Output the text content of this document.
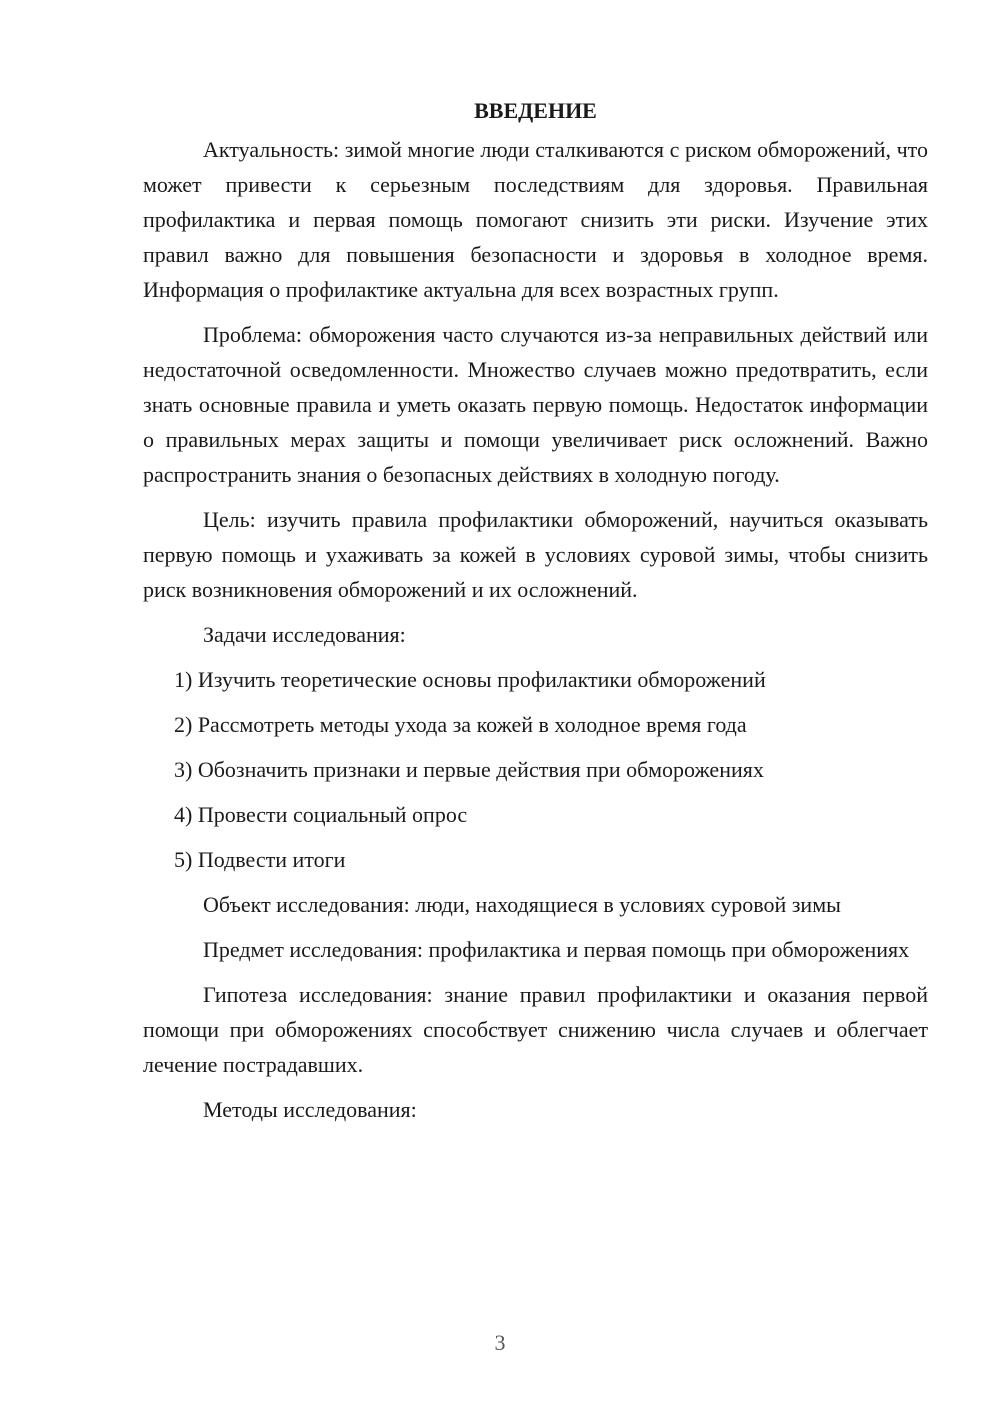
ВВЕДЕНИЕ

Актуальность: зимой многие люди сталкиваются с риском обморожений, что может привести к серьезным последствиям для здоровья. Правильная профилактика и первая помощь помогают снизить эти риски. Изучение этих правил важно для повышения безопасности и здоровья в холодное время. Информация о профилактике актуальна для всех возрастных групп.

Проблема: обморожения часто случаются из-за неправильных действий или недостаточной осведомленности. Множество случаев можно предотвратить, если знать основные правила и уметь оказать первую помощь. Недостаток информации о правильных мерах защиты и помощи увеличивает риск осложнений. Важно распространить знания о безопасных действиях в холодную погоду.

Цель: изучить правила профилактики обморожений, научиться оказывать первую помощь и ухаживать за кожей в условиях суровой зимы, чтобы снизить риск возникновения обморожений и их осложнений.

Задачи исследования:

1) Изучить теоретические основы профилактики обморожений
2) Рассмотреть методы ухода за кожей в холодное время года
3) Обозначить признаки и первые действия при обморожениях
4) Провести социальный опрос
5) Подвести итоги

Объект исследования: люди, находящиеся в условиях суровой зимы

Предмет исследования: профилактика и первая помощь при обморожениях

Гипотеза исследования: знание правил профилактики и оказания первой помощи при обморожениях способствует снижению числа случаев и облегчает лечение пострадавших.

Методы исследования:

3
